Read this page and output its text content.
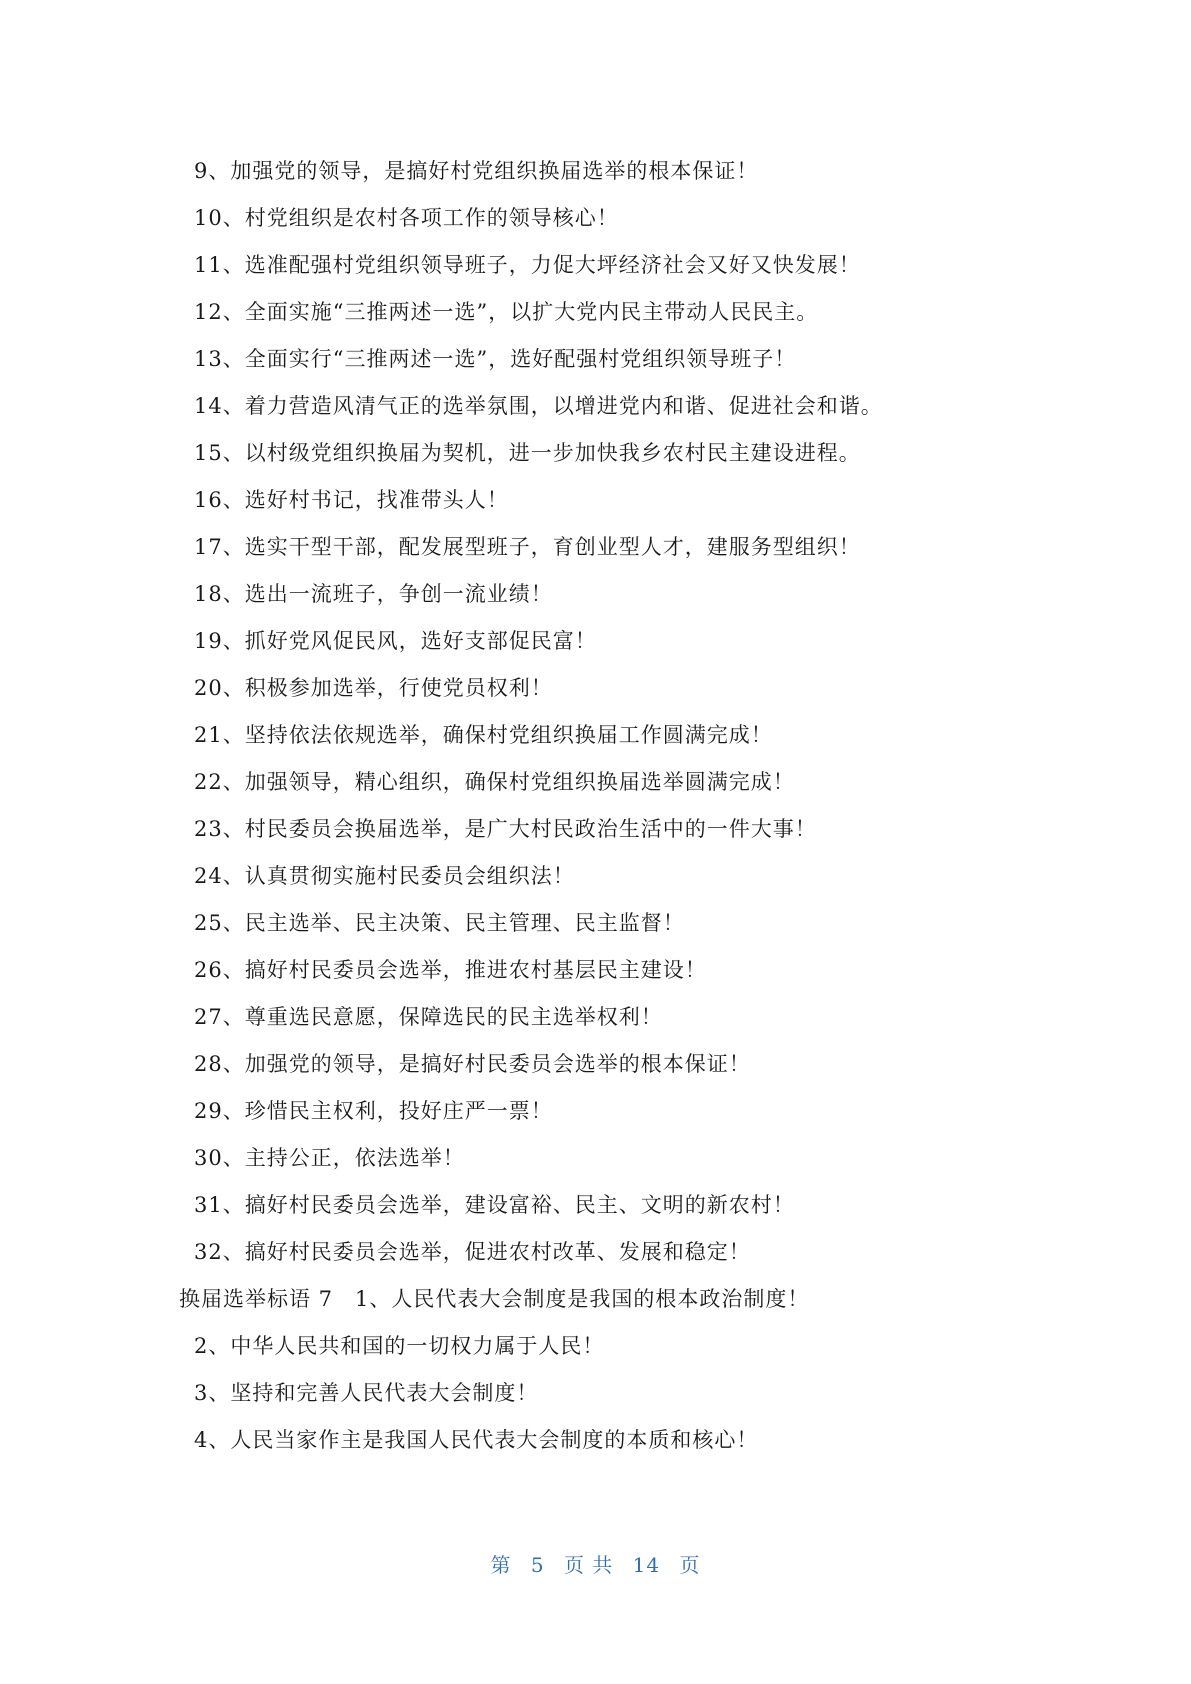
9、加强党的领导，是搞好村党组织换届选举的根本保证！
10、村党组织是农村各项工作的领导核心！
11、选准配强村党组织领导班子，力促大坪经济社会又好又快发展！
12、全面实施“三推两述一选”，以扩大党内民主带动人民民主。
13、全面实行“三推两述一选”，选好配强村党组织领导班子！
14、着力营造风清气正的选举氛围，以增进党内和谐、促进社会和谐。
15、以村级党组织换届为契机，进一步加快我乡农村民主建设进程。
16、选好村书记，找准带头人！
17、选实干型干部，配发展型班子，育创业型人才，建服务型组织！
18、选出一流班子，争创一流业绩！
19、抓好党风促民风，选好支部促民富！
20、积极参加选举，行使党员权利！
21、坚持依法依规选举，确保村党组织换届工作圆满完成！
22、加强领导，精心组织，确保村党组织换届选举圆满完成！
23、村民委员会换届选举，是广大村民政治生活中的一件大事！
24、认真贯彻实施村民委员会组织法！
25、民主选举、民主决策、民主管理、民主监督！
26、搞好村民委员会选举，推进农村基层民主建设！
27、尊重选民意愿，保障选民的民主选举权利！
28、加强党的领导，是搞好村民委员会选举的根本保证！
29、珍惜民主权利，投好庄严一票！
30、主持公正，依法选举！
31、搞好村民委员会选举，建设富裕、民主、文明的新农村！
32、搞好村民委员会选举，促进农村改革、发展和稳定！
换届选举标语 7 1、人民代表大会制度是我国的根本政治制度！
2、中华人民共和国的一切权力属于人民！
3、坚持和完善人民代表大会制度！
4、人民当家作主是我国人民代表大会制度的本质和核心！
第 5 页 共 14 页
